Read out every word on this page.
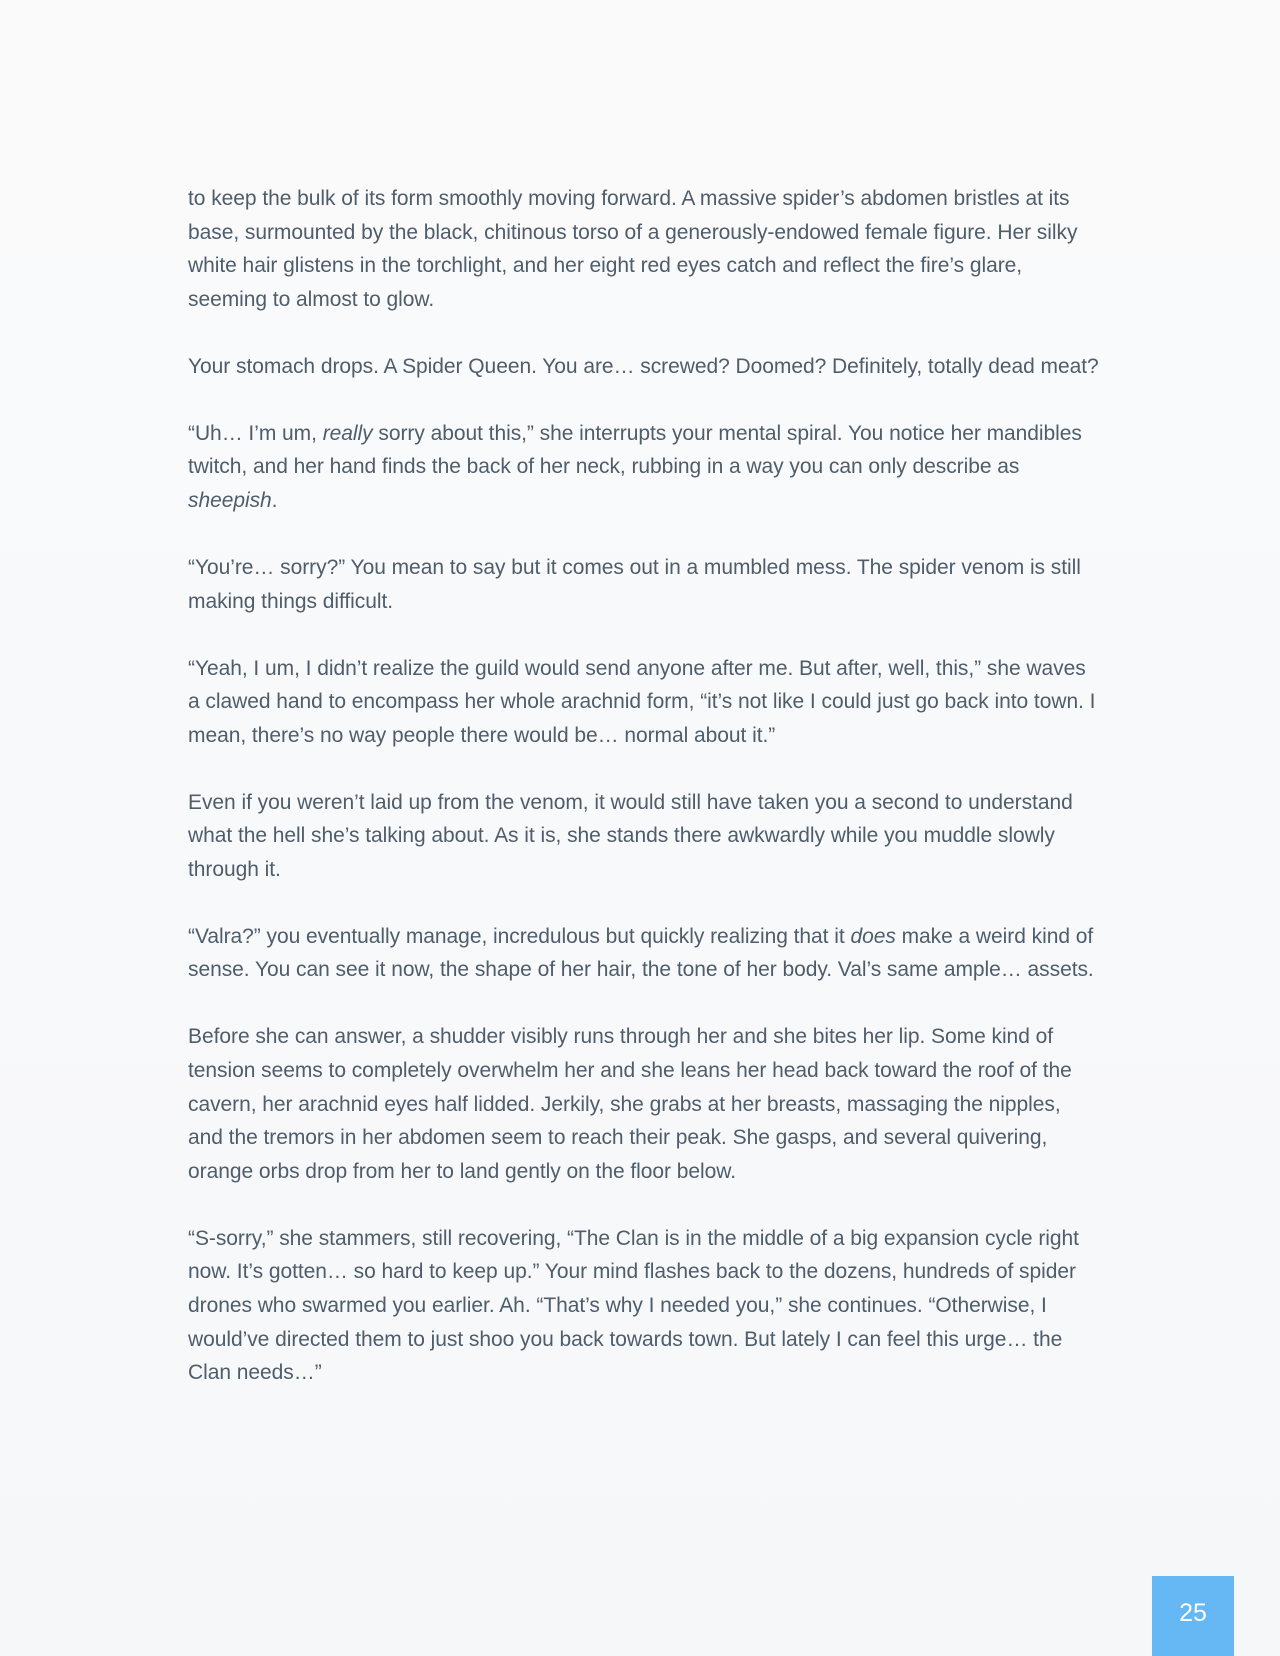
to keep the bulk of its form smoothly moving forward. A massive spider’s abdomen bristles at its base, surmounted by the black, chitinous torso of a generously-endowed female figure. Her silky white hair glistens in the torchlight, and her eight red eyes catch and reflect the fire’s glare, seeming to almost to glow.

Your stomach drops. A Spider Queen. You are… screwed? Doomed? Definitely, totally dead meat?

“Uh… I’m um, really sorry about this,” she interrupts your mental spiral. You notice her mandibles twitch, and her hand finds the back of her neck, rubbing in a way you can only describe as sheepish.

“You’re… sorry?” You mean to say but it comes out in a mumbled mess. The spider venom is still making things difficult.

“Yeah, I um, I didn’t realize the guild would send anyone after me. But after, well, this,” she waves a clawed hand to encompass her whole arachnid form, “it’s not like I could just go back into town. I mean, there’s no way people there would be… normal about it.”

Even if you weren’t laid up from the venom, it would still have taken you a second to understand what the hell she’s talking about. As it is, she stands there awkwardly while you muddle slowly through it.

“Valra?” you eventually manage, incredulous but quickly realizing that it does make a weird kind of sense. You can see it now, the shape of her hair, the tone of her body. Val’s same ample… assets.

Before she can answer, a shudder visibly runs through her and she bites her lip. Some kind of tension seems to completely overwhelm her and she leans her head back toward the roof of the cavern, her arachnid eyes half lidded. Jerkily, she grabs at her breasts, massaging the nipples, and the tremors in her abdomen seem to reach their peak. She gasps, and several quivering, orange orbs drop from her to land gently on the floor below.

“S-sorry,” she stammers, still recovering, “The Clan is in the middle of a big expansion cycle right now. It’s gotten… so hard to keep up.” Your mind flashes back to the dozens, hundreds of spider drones who swarmed you earlier. Ah. “That’s why I needed you,” she continues. “Otherwise, I would’ve directed them to just shoo you back towards town. But lately I can feel this urge… the Clan needs…”

25
